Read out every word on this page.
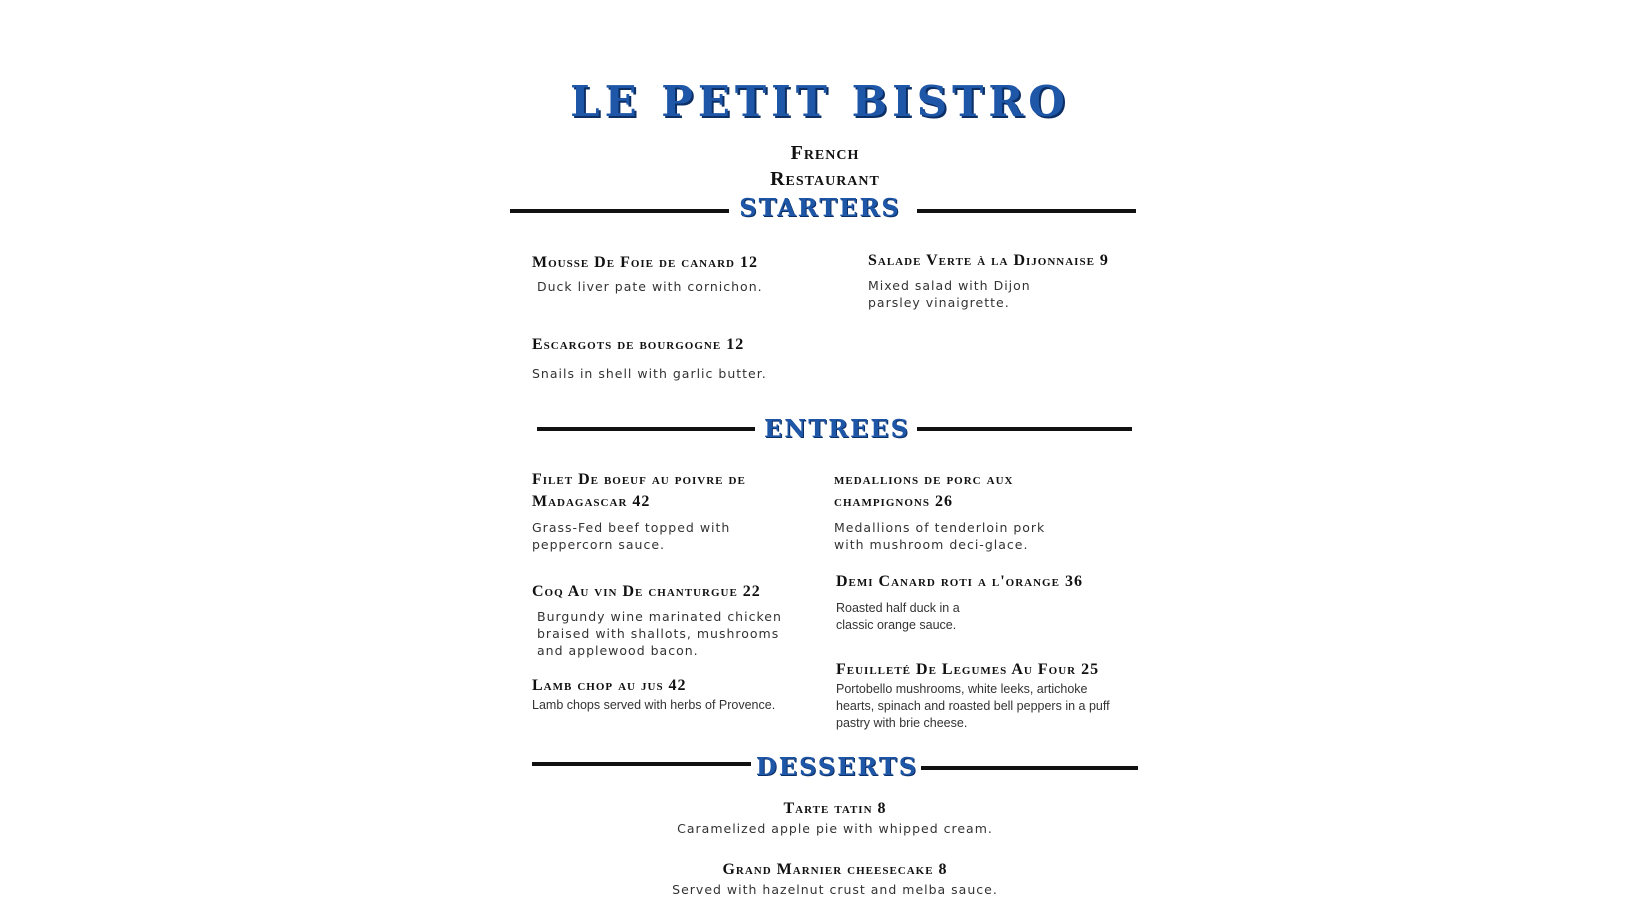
LE PETIT BISTRO
French
Restaurant
STARTERS
Mousse De Foie de canard 12
Duck liver pate with cornichon.
Salade Verte à la Dijonnaise 9
Mixed salad with Dijon parsley vinaigrette.
Escargots de bourgogne 12
Snails in shell with garlic butter.
ENTREES
Filet De boeuf au poivre de Madagascar 42
Grass-Fed beef topped with peppercorn sauce.
medallions de porc aux champignons 26
Medallions of tenderloin pork with mushroom deci-glace.
Coq Au vin De chanturgue 22
Burgundy wine marinated chicken braised with shallots, mushrooms and applewood bacon.
Demi Canard roti a l'orange 36
Roasted half duck in a classic orange sauce.
Lamb chop au jus 42
Lamb chops served with herbs of Provence.
Feuilleté De Legumes Au Four 25
Portobello mushrooms, white leeks, artichoke hearts, spinach and roasted bell peppers in a puff pastry with brie cheese.
DESSERTS
Tarte tatin 8
Caramelized apple pie with whipped cream.
Grand Marnier cheesecake 8
Served with hazelnut crust and melba sauce.
